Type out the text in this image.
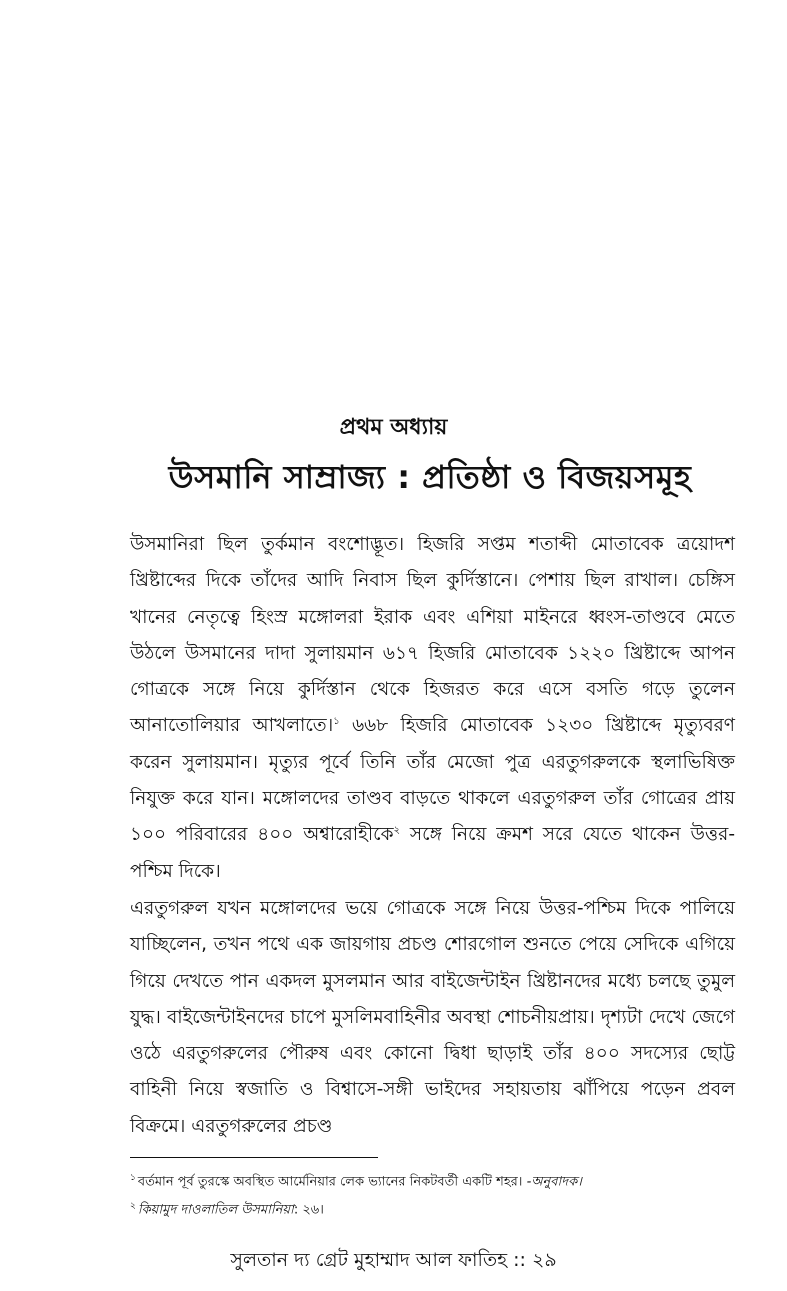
প্রথম অধ্যায়
উসমানি সাম্রাজ্য : প্রতিষ্ঠা ও বিজয়সমূহ

উসমানিরা ছিল তুর্কমান বংশোদ্ভূত। হিজরি সপ্তম শতাব্দী মোতাবেক ত্রয়োদশ খ্রিষ্টাব্দের দিকে তাঁদের আদি নিবাস ছিল কুর্দিস্তানে। পেশায় ছিল রাখাল। চেঙ্গিস খানের নেতৃত্বে হিংস্র মঙ্গোলরা ইরাক এবং এশিয়া মাইনরে ধ্বংস-তাণ্ডবে মেতে উঠলে উসমানের দাদা সুলায়মান ৬১৭ হিজরি মোতাবেক ১২২০ খ্রিষ্টাব্দে আপন গোত্রকে সঙ্গে নিয়ে কুর্দিস্তান থেকে হিজরত করে এসে বসতি গড়ে তুলেন আনাতোলিয়ার আখলাতে।$^১$ ৬৬৮ হিজরি মোতাবেক ১২৩০ খ্রিষ্টাব্দে মৃত্যুবরণ করেন সুলায়মান। মৃত্যুর পূর্বে তিনি তাঁর মেজো পুত্র এরতুগরুলকে স্থলাভিষিক্ত নিযুক্ত করে যান। মঙ্গোলদের তাণ্ডব বাড়তে থাকলে এরতুগরুল তাঁর গোত্রের প্রায় ১০০ পরিবারের ৪০০ অশ্বারোহীকে$^২$ সঙ্গে নিয়ে ক্রমশ সরে যেতে থাকেন উত্তর-পশ্চিম দিকে।

এরতুগরুল যখন মঙ্গোলদের ভয়ে গোত্রকে সঙ্গে নিয়ে উত্তর-পশ্চিম দিকে পালিয়ে যাচ্ছিলেন, তখন পথে এক জায়গায় প্রচণ্ড শোরগোল শুনতে পেয়ে সেদিকে এগিয়ে গিয়ে দেখতে পান একদল মুসলমান আর বাইজেন্টাইন খ্রিষ্টানদের মধ্যে চলছে তুমুল যুদ্ধ। বাইজেন্টাইনদের চাপে মুসলিমবাহিনীর অবস্থা শোচনীয়প্রায়। দৃশ্যটা দেখে জেগে ওঠে এরতুগরুলের পৌরুষ এবং কোনো দ্বিধা ছাড়াই তাঁর ৪০০ সদস্যের ছোট্ট বাহিনী নিয়ে স্বজাতি ও বিশ্বাসে-সঙ্গী ভাইদের সহায়তায় ঝাঁপিয়ে পড়েন প্রবল বিক্রমে। এরতুগরুলের প্রচণ্ড

$^১$ বর্তমান পূর্ব তুরস্কে অবস্থিত আর্মেনিয়ার লেক ভ্যানের নিকটবর্তী একটি শহর। -অনুবাদক।
$^২$ কিয়ামুদ দাওলাতিল উসমানিয়া: ২৬।
সুলতান দ্য গ্রেট মুহাম্মাদ আল ফাতিহ :: ২৯
